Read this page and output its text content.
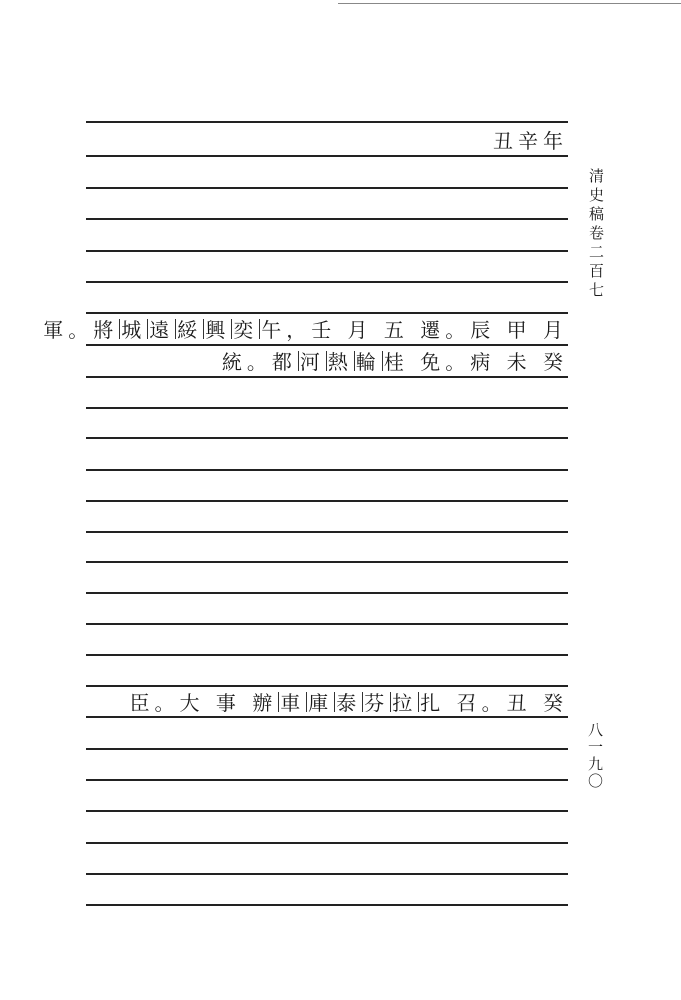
丑辛年
軍。將 城 遠 綏 興 奕 午，壬 月 五 遷。辰 甲 月
統。都 河 熱 輪 桂 免。病 未 癸
臣。大 事 辦 車 庫 泰 芬 拉 扎 召。丑 癸
清史稿卷二百七
八一九〇
